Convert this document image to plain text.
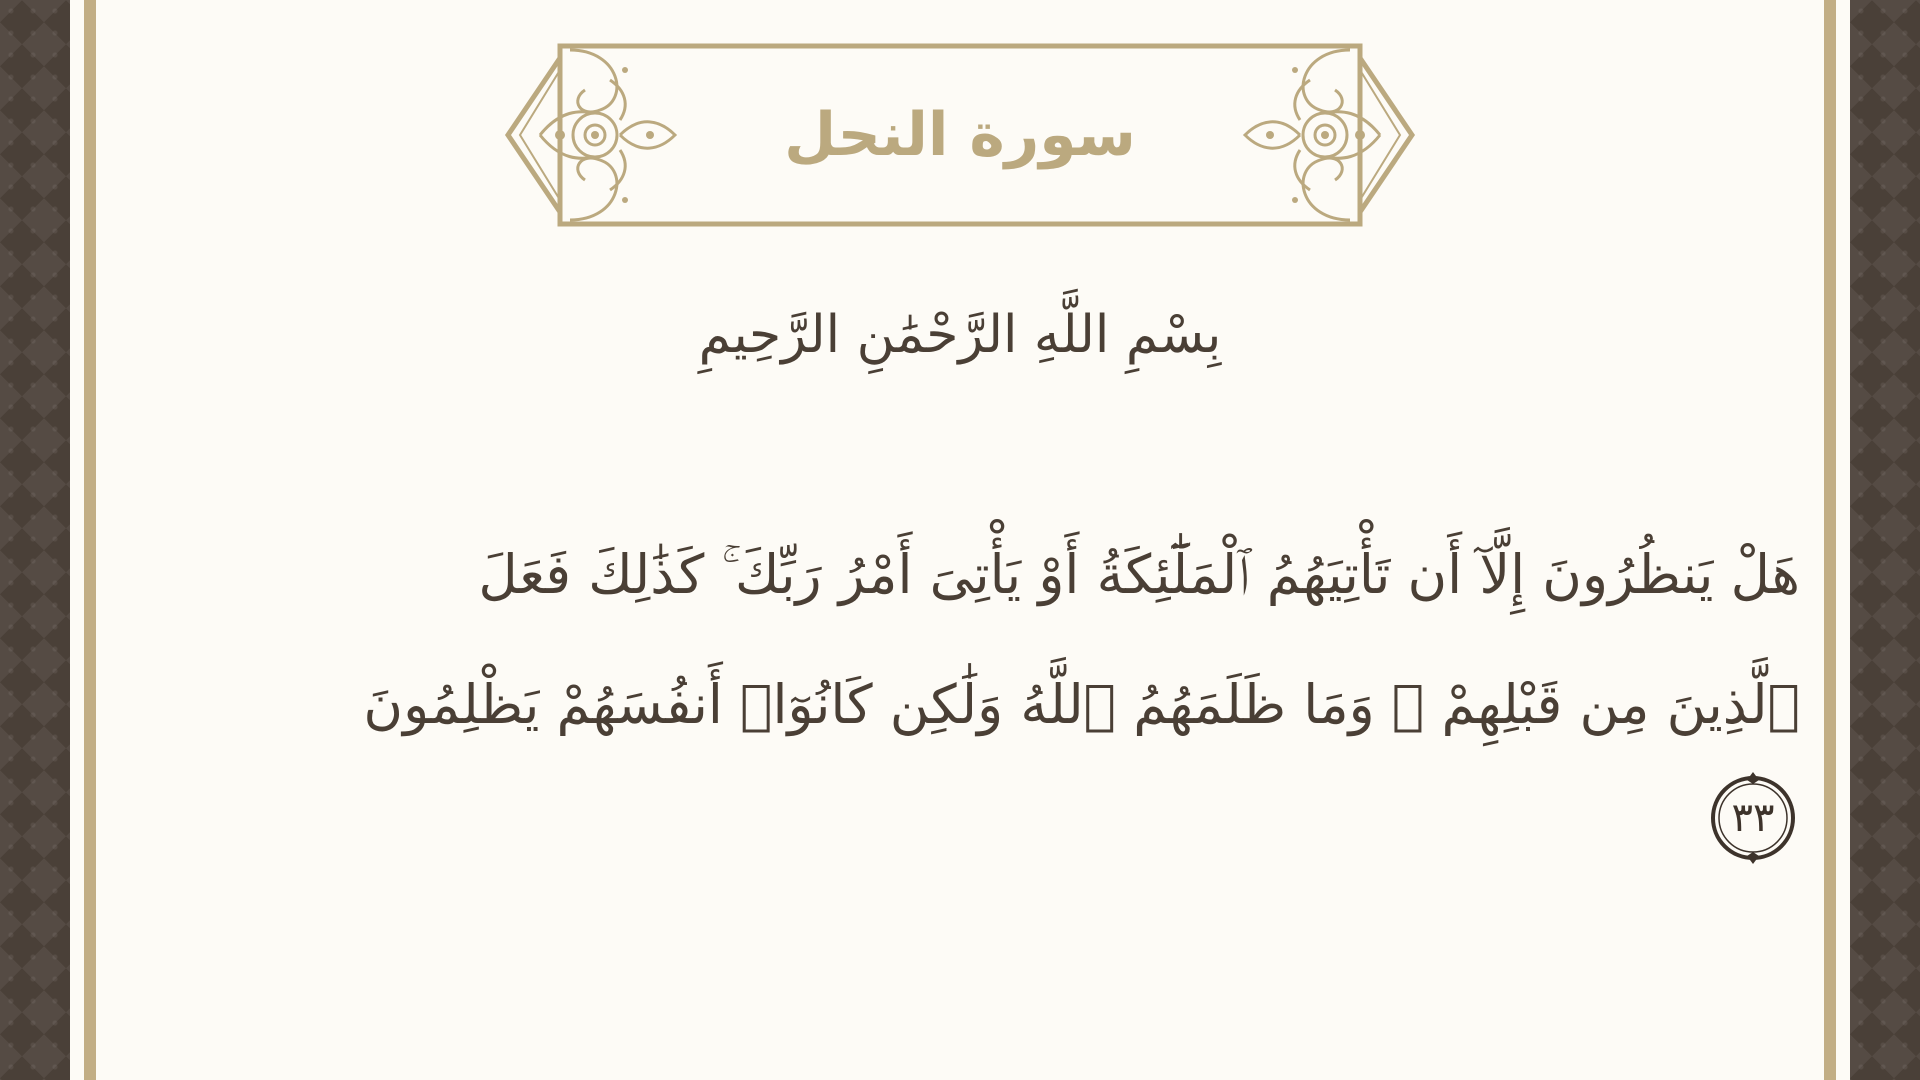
سورة النحل
بِسْمِ اللَّهِ الرَّحْمَٰنِ الرَّحِيمِ
هَلْ يَنظُرُونَ إِلَّآ أَن تَأْتِيَهُمُ ٱلْمَلَٰٓئِكَةُ أَوْ يَأْتِىَ أَمْرُ رَبِّكَ ۚ كَذَٰلِكَ فَعَلَ
ٱلَّذِينَ مِن قَبْلِهِمْ ۚ وَمَا ظَلَمَهُمُ ٱللَّهُ وَلَٰكِن كَانُوٓا۟ أَنفُسَهُمْ يَظْلِمُونَ
٣٣
